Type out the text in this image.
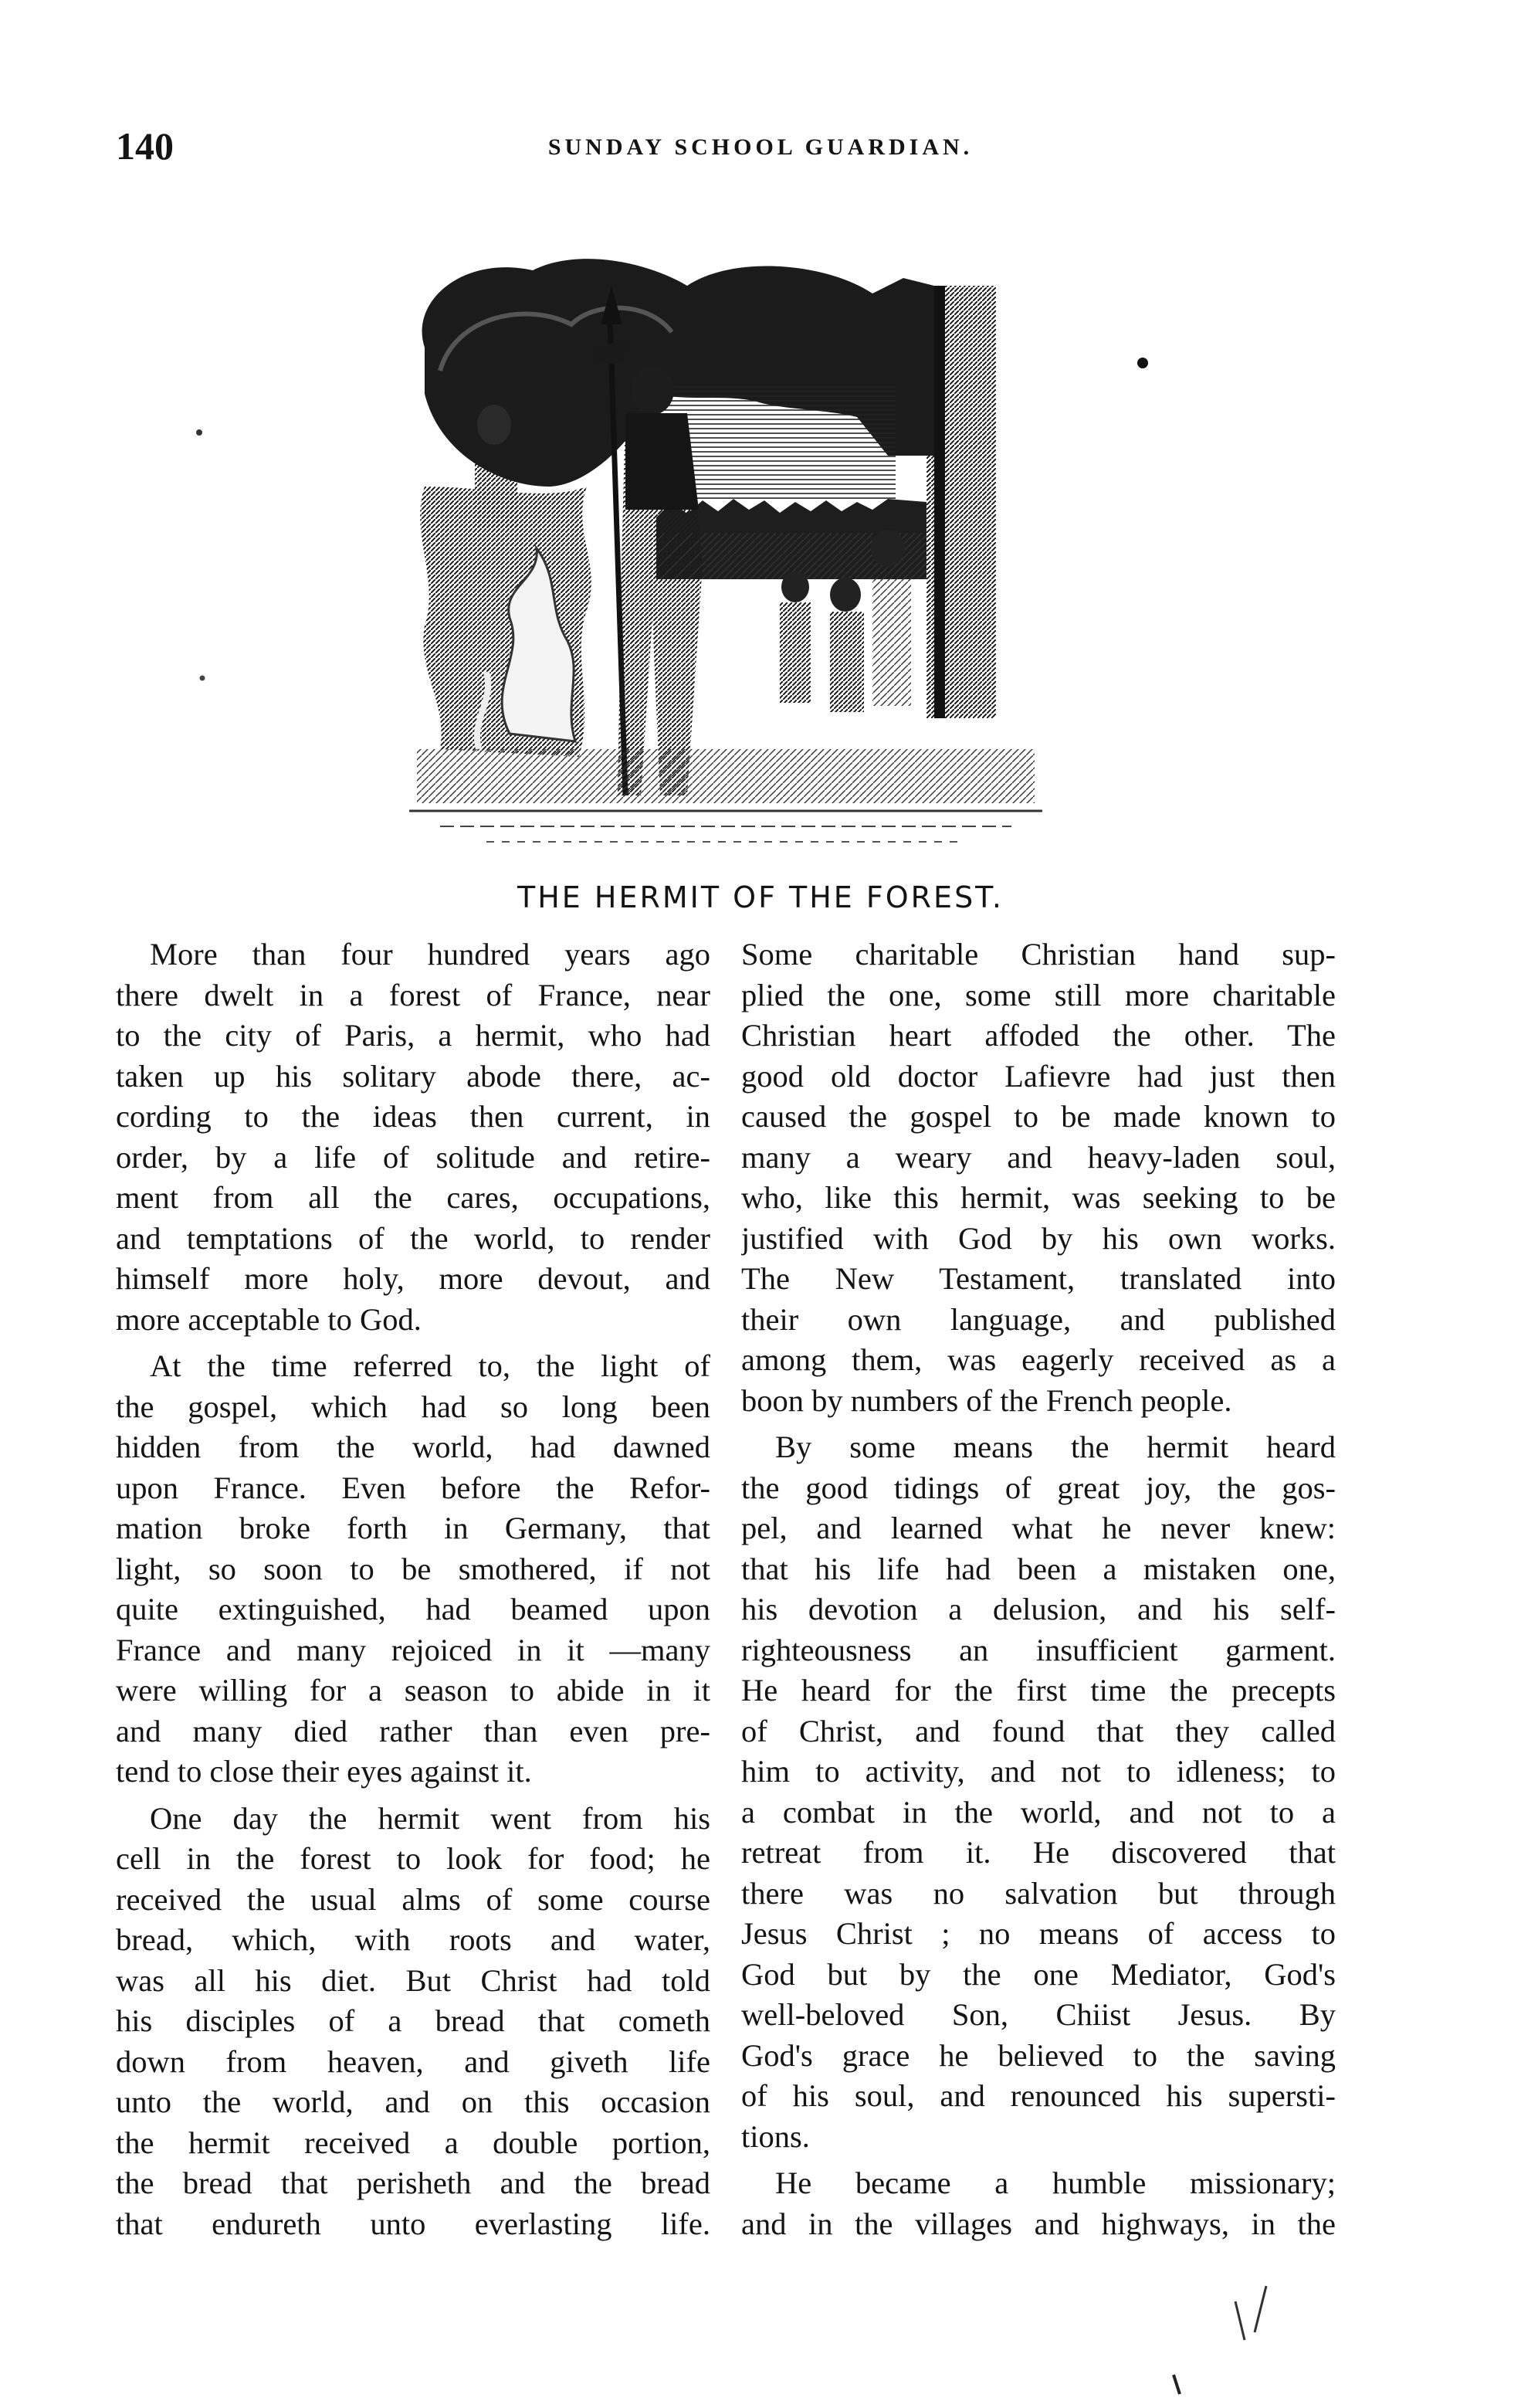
140	SUNDAY SCHOOL GUARDIAN.
THE HERMIT OF THE FOREST.
More than four hundred years ago
there dwelt in a forest of France, near
to the city of Paris, a hermit, who had
taken up his solitary abode there, ac-
cording to the ideas then current, in
order, by a life of solitude and retire-
ment from all the cares, occupations,
and temptations of the world, to render
himself more holy, more devout, and
more acceptable to God.
At the time referred to, the light of
the gospel, which had so long been
hidden from the world, had dawned
upon France. Even before the Refor-
mation broke forth in Germany, that
light, so soon to be smothered, if not
quite extinguished, had beamed upon
France and many rejoiced in it —many
were willing for a season to abide in it
and many died rather than even pre-
tend to close their eyes against it.
One day the hermit went from his
cell in the forest to look for food; he
received the usual alms of some course
bread, which, with roots and water,
was all his diet. But Christ had told
his disciples of a bread that cometh
down from heaven, and giveth life
unto the world, and on this occasion
the hermit received a double portion,
the bread that perisheth and the bread
that endureth unto everlasting life.
Some charitable Christian hand sup-
plied the one, some still more charitable
Christian heart affoded the other. The
good old doctor Lafievre had just then
caused the gospel to be made known to
many a weary and heavy-laden soul,
who, like this hermit, was seeking to be
justified with God by his own works.
The New Testament, translated into
their own language, and published
among them, was eagerly received as a
boon by numbers of the French people.
By some means the hermit heard
the good tidings of great joy, the gos-
pel, and learned what he never knew:
that his life had been a mistaken one,
his devotion a delusion, and his self-
righteousness an insufficient garment.
He heard for the first time the precepts
of Christ, and found that they called
him to activity, and not to idleness; to
a combat in the world, and not to a
retreat from it. He discovered that
there was no salvation but through
Jesus Christ ; no means of access to
God but by the one Mediator, God's
well-beloved Son, Chiist Jesus. By
God's grace he believed to the saving
of his soul, and renounced his supersti-
tions.
He became a humble missionary;
and in the villages and highways, in the
